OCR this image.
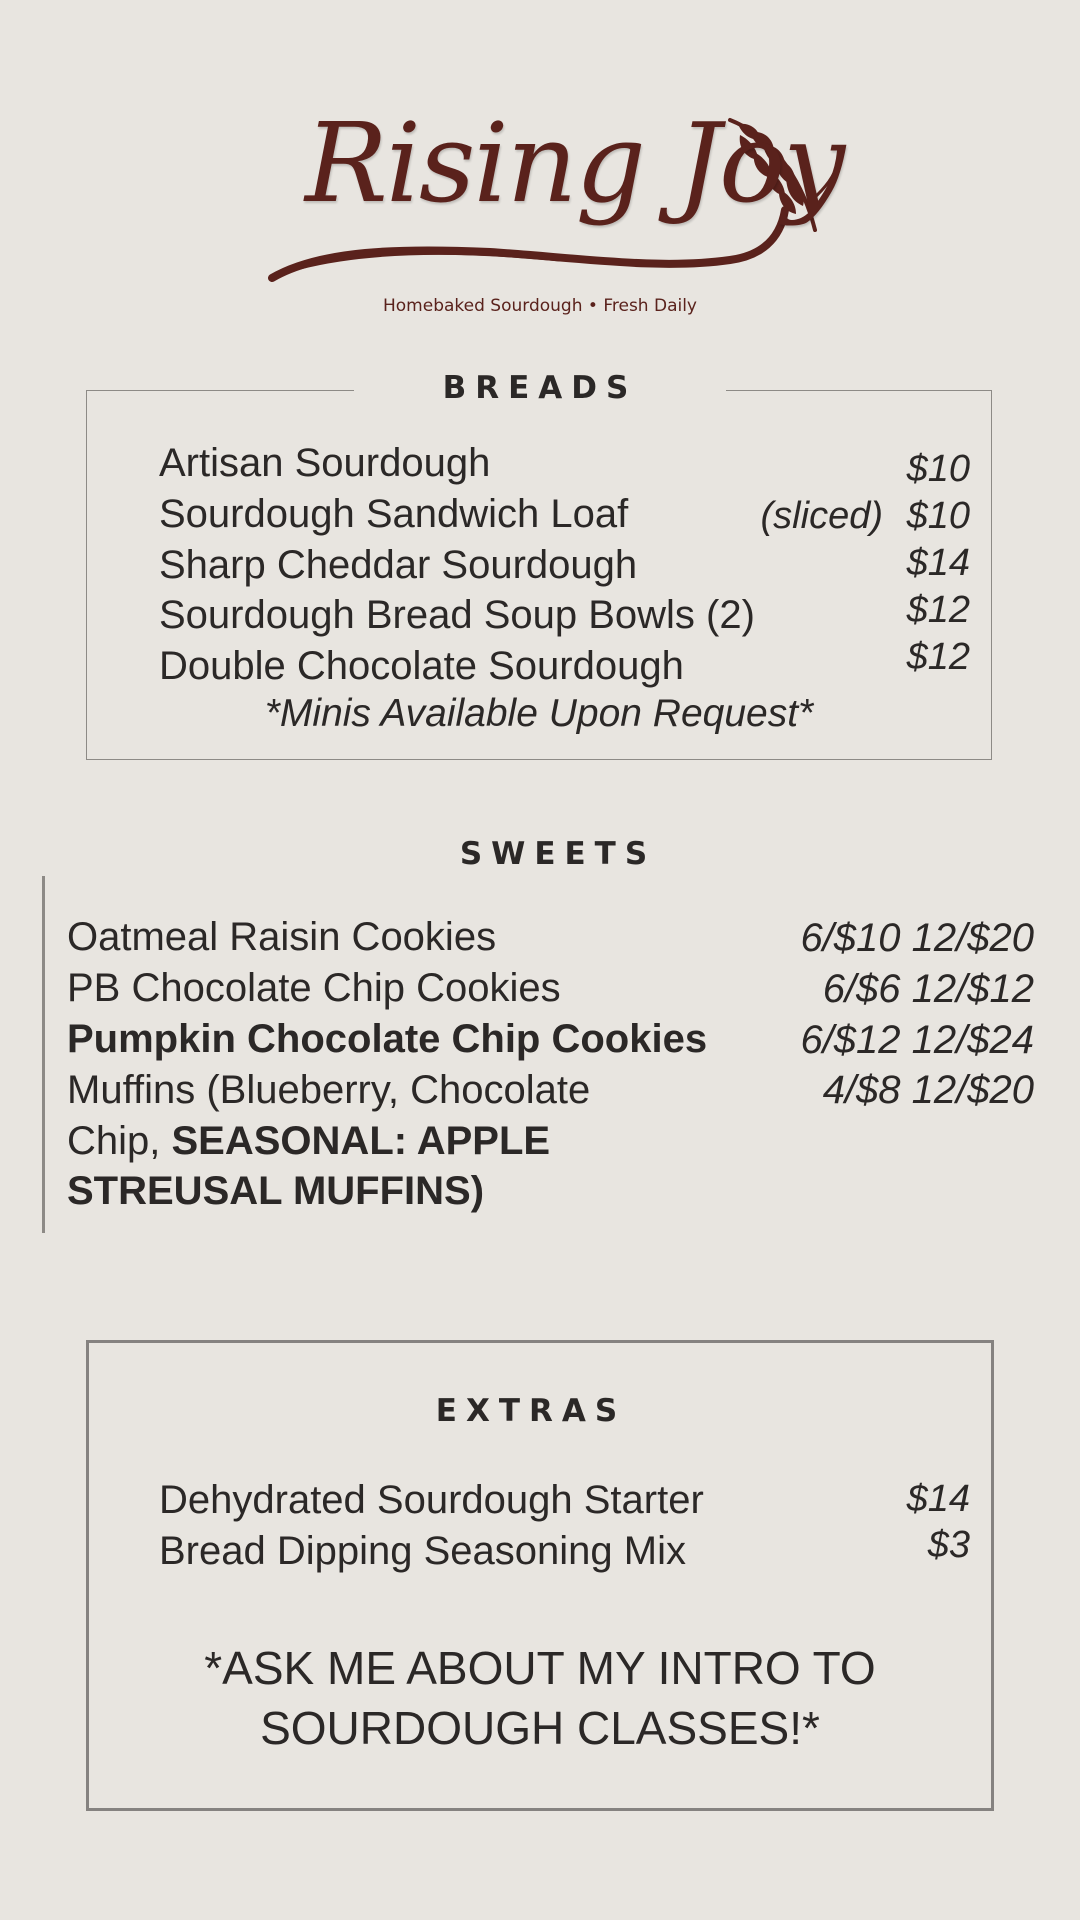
Rising Joy
Homebaked Sourdough • Fresh Daily
BREADS
Artisan Sourdough	$10
Sourdough Sandwich Loaf	(sliced) $10
Sharp Cheddar Sourdough	$14
Sourdough Bread Soup Bowls (2)	$12
Double Chocolate Sourdough	$12
*Minis Available Upon Request*
SWEETS
Oatmeal Raisin Cookies	6/$10 12/$20
PB Chocolate Chip Cookies	6/$6 12/$12
Pumpkin Chocolate Chip Cookies 6/$12 12/$24
Muffins (Blueberry, Chocolate	4/$8 12/$20
Chip, SEASONAL: APPLE
STREUSAL MUFFINS)
EXTRAS
Dehydrated Sourdough Starter	$14
Bread Dipping Seasoning Mix	$3
*ASK ME ABOUT MY INTRO TO
SOURDOUGH CLASSES!*
